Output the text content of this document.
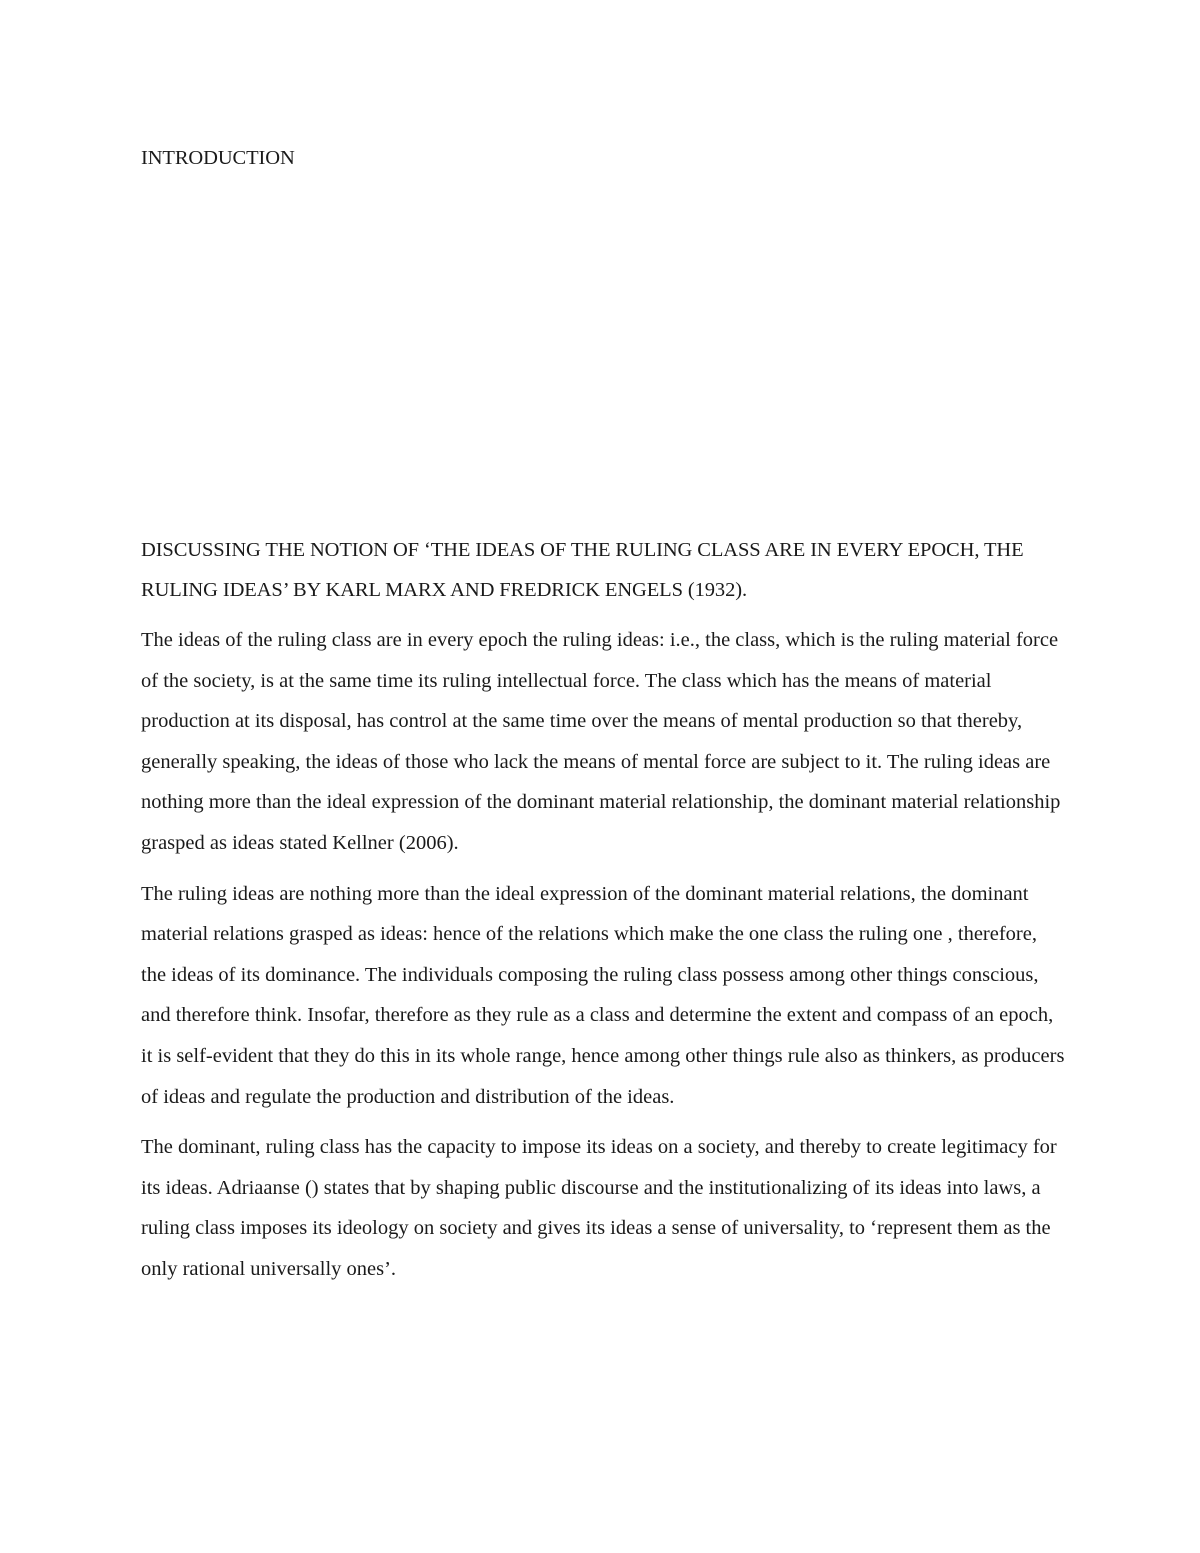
INTRODUCTION
DISCUSSING THE NOTION OF ‘THE IDEAS OF THE RULING CLASS ARE IN EVERY EPOCH, THE RULING IDEAS’ BY KARL MARX AND FREDRICK ENGELS (1932).

The ideas of the ruling class are in every epoch the ruling ideas: i.e., the class, which is the ruling material force of the society, is at the same time its ruling intellectual force. The class which has the means of material production at its disposal, has control at the same time over the means of mental production so that thereby, generally speaking, the ideas of those who lack the means of mental force are subject to it. The ruling ideas are nothing more than the ideal expression of the dominant material relationship, the dominant material relationship grasped as ideas stated Kellner (2006).

The ruling ideas are nothing more than the ideal expression of the dominant material relations, the dominant material relations grasped as ideas: hence of the relations which make the one class the ruling one , therefore, the ideas of its dominance. The individuals composing the ruling class possess among other things conscious, and therefore think. Insofar, therefore as they rule as a class and determine the extent and compass of an epoch, it is self-evident that they do this in its whole range, hence among other things rule also as thinkers, as producers of ideas and regulate the production and distribution of the ideas.

The dominant, ruling class has the capacity to impose its ideas on a society, and thereby to create legitimacy for its ideas. Adriaanse () states that by shaping public discourse and the institutionalizing of its ideas into laws, a ruling class imposes its ideology on society and gives its ideas a sense of universality, to ‘represent them as the only rational universally ones’.
